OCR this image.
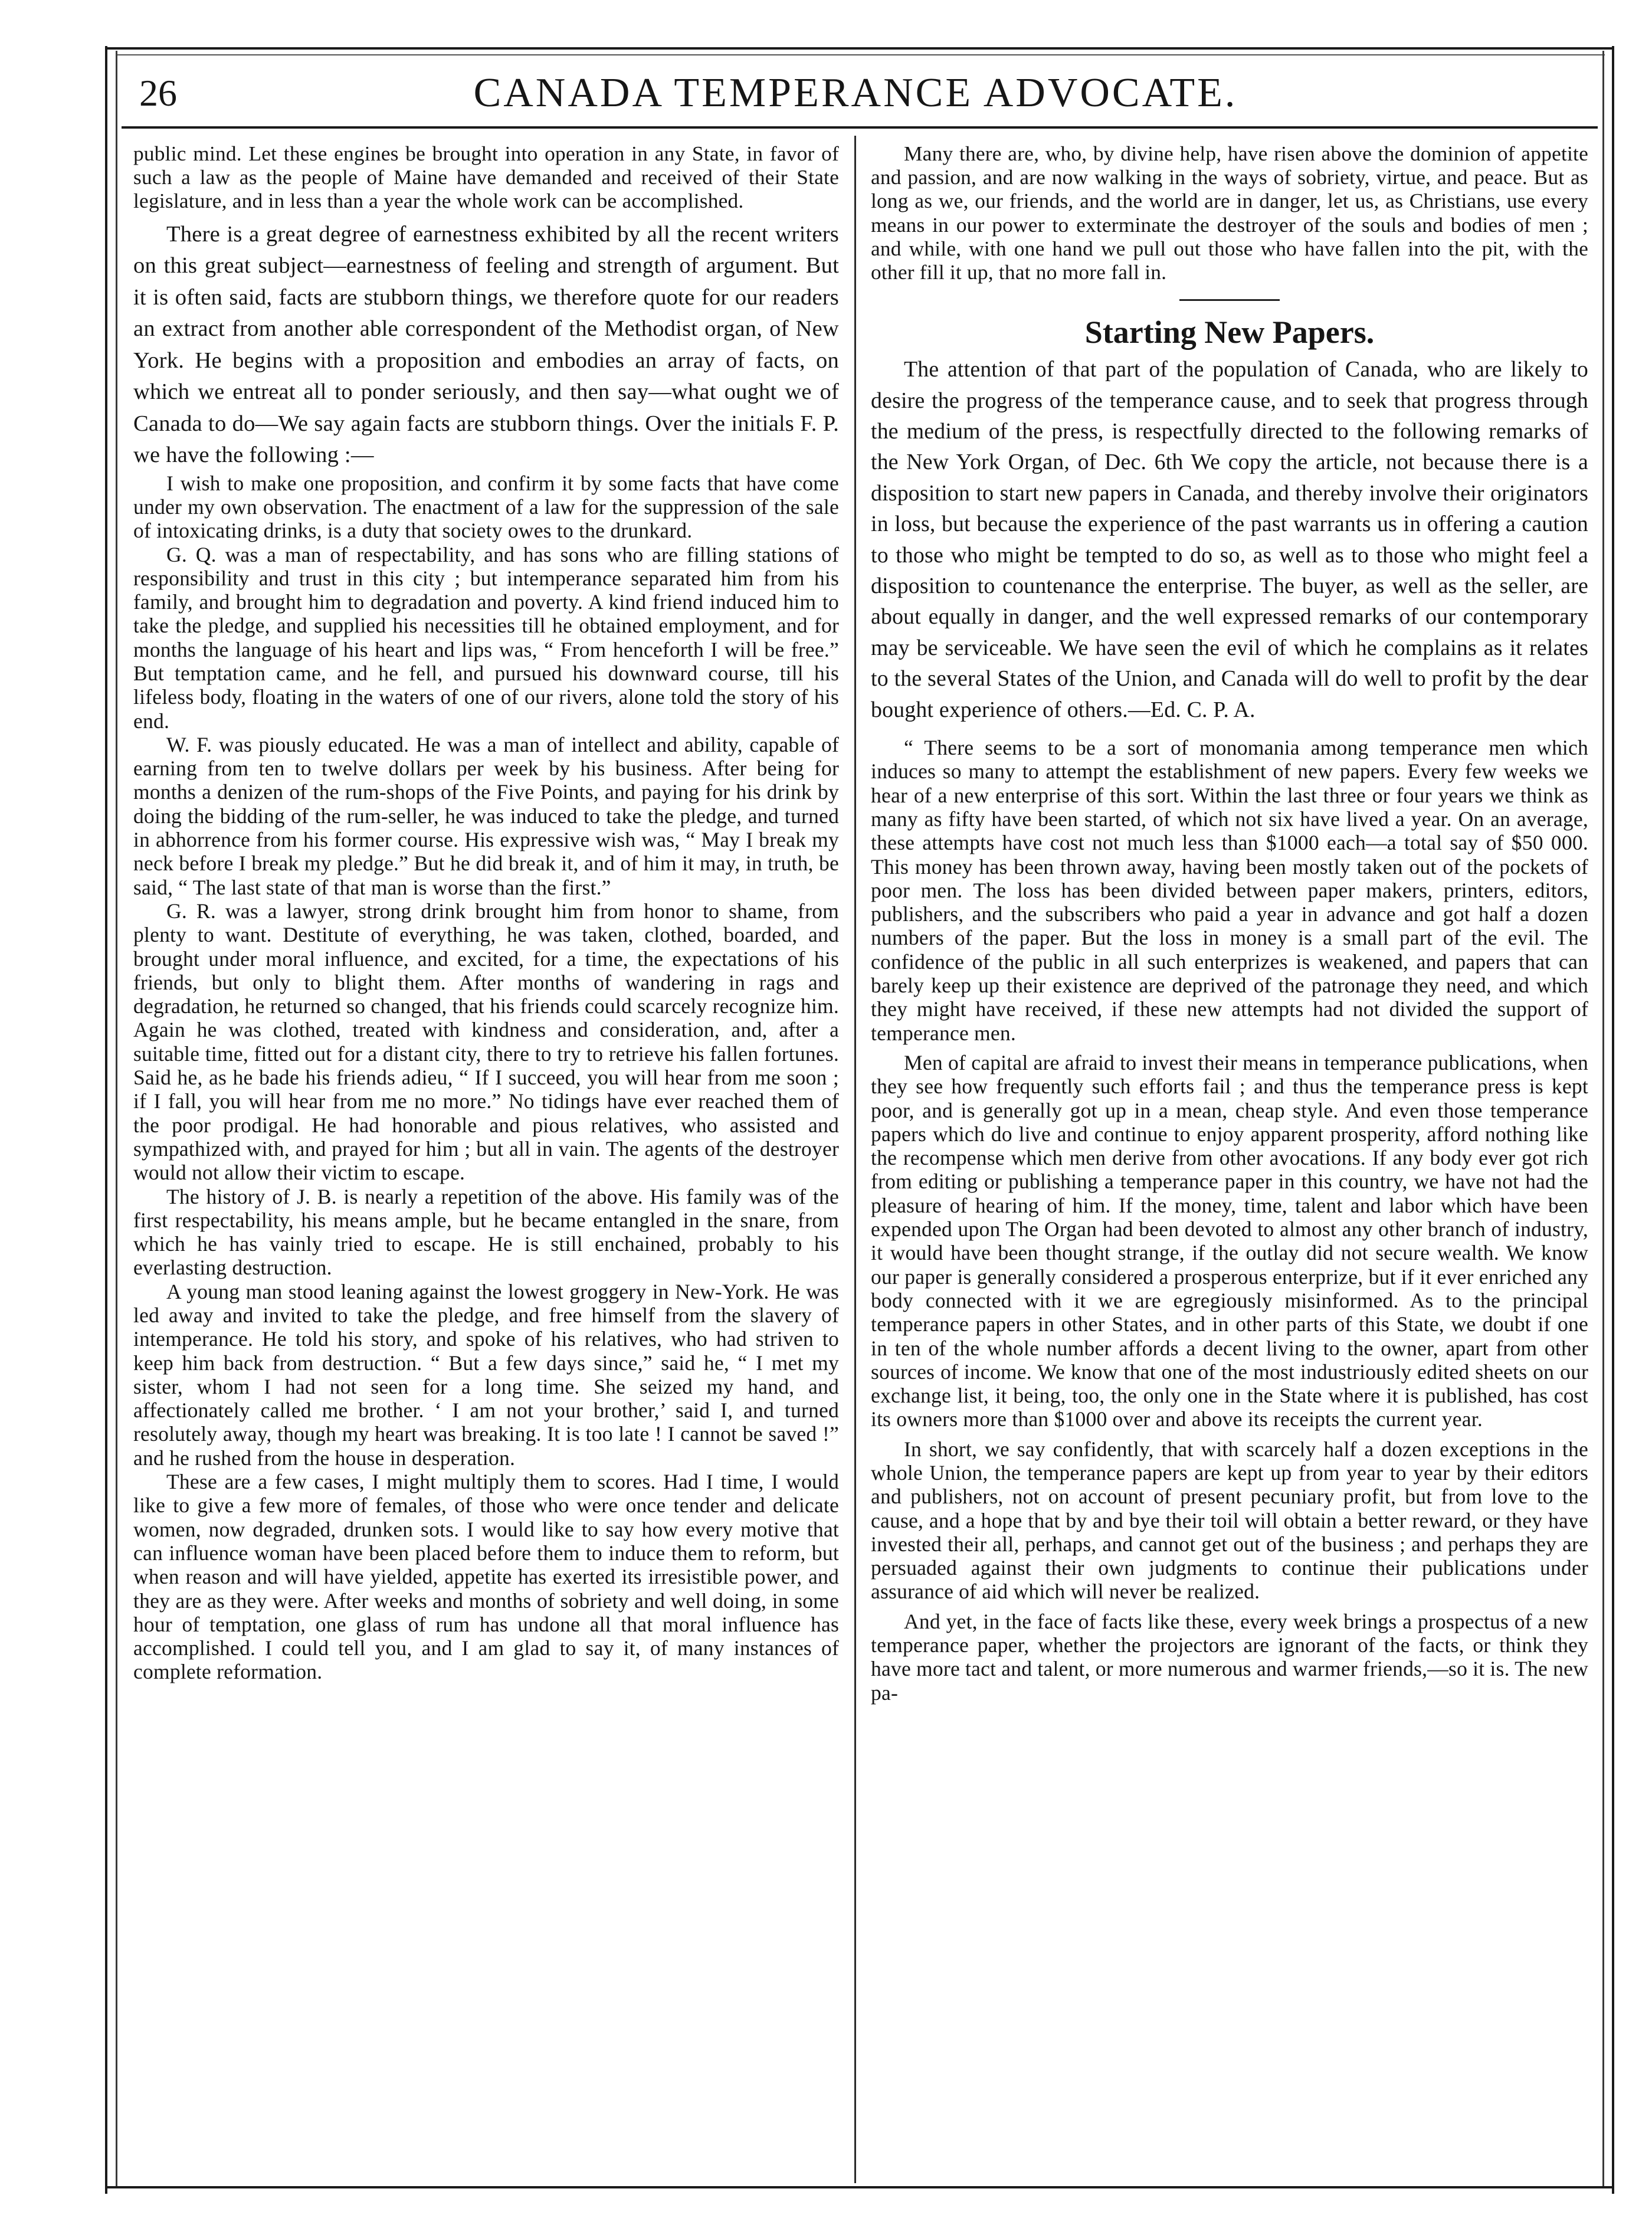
26	CANADA TEMPERANCE ADVOCATE.

public mind. Let these engines be brought into operation in any State, in favor of such a law as the people of Maine have demanded and received of their State legislature, and in less than a year the whole work can be accomplished.

There is a great degree of earnestness exhibited by all the recent writers on this great subject—earnestness of feeling and strength of argument. But it is often said, facts are stubborn things, we therefore quote for our readers an extract from another able correspondent of the Methodist organ, of New York. He begins with a proposition and embodies an array of facts, on which we entreat all to ponder seriously, and then say—what ought we of Canada to do—We say again facts are stubborn things. Over the initials F. P. we have the following :—

I wish to make one proposition, and confirm it by some facts that have come under my own observation. The enactment of a law for the suppression of the sale of intoxicating drinks, is a duty that society owes to the drunkard.

G. Q. was a man of respectability, and has sons who are filling stations of responsibility and trust in this city ; but intemperance separated him from his family, and brought him to degradation and poverty. A kind friend induced him to take the pledge, and supplied his necessities till he obtained employment, and for months the language of his heart and lips was, “ From henceforth I will be free.” But temptation came, and he fell, and pursued his downward course, till his lifeless body, floating in the waters of one of our rivers, alone told the story of his end.

W. F. was piously educated. He was a man of intellect and ability, capable of earning from ten to twelve dollars per week by his business. After being for months a denizen of the rum-shops of the Five Points, and paying for his drink by doing the bidding of the rum-seller, he was induced to take the pledge, and turned in abhorrence from his former course. His expressive wish was, “ May I break my neck before I break my pledge.” But he did break it, and of him it may, in truth, be said, “ The last state of that man is worse than the first.”

G. R. was a lawyer, strong drink brought him from honor to shame, from plenty to want. Destitute of everything, he was taken, clothed, boarded, and brought under moral influence, and excited, for a time, the expectations of his friends, but only to blight them. After months of wandering in rags and degradation, he returned so changed, that his friends could scarcely recognize him. Again he was clothed, treated with kindness and consideration, and, after a suitable time, fitted out for a distant city, there to try to retrieve his fallen fortunes. Said he, as he bade his friends adieu, “ If I succeed, you will hear from me soon ; if I fall, you will hear from me no more.” No tidings have ever reached them of the poor prodigal. He had honorable and pious relatives, who assisted and sympathized with, and prayed for him ; but all in vain. The agents of the destroyer would not allow their victim to escape.

The history of J. B. is nearly a repetition of the above. His family was of the first respectability, his means ample, but he became entangled in the snare, from which he has vainly tried to escape. He is still enchained, probably to his everlasting destruction.

A young man stood leaning against the lowest groggery in New-York. He was led away and invited to take the pledge, and free himself from the slavery of intemperance. He told his story, and spoke of his relatives, who had striven to keep him back from destruction. “ But a few days since,” said he, “ I met my sister, whom I had not seen for a long time. She seized my hand, and affectionately called me brother. ‘ I am not your brother,’ said I, and turned resolutely away, though my heart was breaking. It is too late ! I cannot be saved !” and he rushed from the house in desperation.

These are a few cases, I might multiply them to scores. Had I time, I would like to give a few more of females, of those who were once tender and delicate women, now degraded, drunken sots. I would like to say how every motive that can influence woman have been placed before them to induce them to reform, but when reason and will have yielded, appetite has exerted its irresistible power, and they are as they were. After weeks and months of sobriety and well doing, in some hour of temptation, one glass of rum has undone all that moral influence has accomplished. I could tell you, and I am glad to say it, of many instances of complete reformation.

Many there are, who, by divine help, have risen above the dominion of appetite and passion, and are now walking in the ways of sobriety, virtue, and peace. But as long as we, our friends, and the world are in danger, let us, as Christians, use every means in our power to exterminate the destroyer of the souls and bodies of men ; and while, with one hand we pull out those who have fallen into the pit, with the other fill it up, that no more fall in.

Starting New Papers.

The attention of that part of the population of Canada, who are likely to desire the progress of the temperance cause, and to seek that progress through the medium of the press, is respectfully directed to the following remarks of the New York Organ, of Dec. 6th We copy the article, not because there is a disposition to start new papers in Canada, and thereby involve their originators in loss, but because the experience of the past warrants us in offering a caution to those who might be tempted to do so, as well as to those who might feel a disposition to countenance the enterprise. The buyer, as well as the seller, are about equally in danger, and the well expressed remarks of our contemporary may be serviceable. We have seen the evil of which he complains as it relates to the several States of the Union, and Canada will do well to profit by the dear bought experience of others.—Ed. C. P. A.

“ There seems to be a sort of monomania among temperance men which induces so many to attempt the establishment of new papers. Every few weeks we hear of a new enterprise of this sort. Within the last three or four years we think as many as fifty have been started, of which not six have lived a year. On an average, these attempts have cost not much less than $1000 each—a total say of $50 000. This money has been thrown away, having been mostly taken out of the pockets of poor men. The loss has been divided between paper makers, printers, editors, publishers, and the subscribers who paid a year in advance and got half a dozen numbers of the paper. But the loss in money is a small part of the evil. The confidence of the public in all such enterprizes is weakened, and papers that can barely keep up their existence are deprived of the patronage they need, and which they might have received, if these new attempts had not divided the support of temperance men.

Men of capital are afraid to invest their means in temperance publications, when they see how frequently such efforts fail ; and thus the temperance press is kept poor, and is generally got up in a mean, cheap style. And even those temperance papers which do live and continue to enjoy apparent prosperity, afford nothing like the recompense which men derive from other avocations. If any body ever got rich from editing or publishing a temperance paper in this country, we have not had the pleasure of hearing of him. If the money, time, talent and labor which have been expended upon The Organ had been devoted to almost any other branch of industry, it would have been thought strange, if the outlay did not secure wealth. We know our paper is generally considered a prosperous enterprize, but if it ever enriched any body connected with it we are egregiously misinformed. As to the principal temperance papers in other States, and in other parts of this State, we doubt if one in ten of the whole number affords a decent living to the owner, apart from other sources of income. We know that one of the most industriously edited sheets on our exchange list, it being, too, the only one in the State where it is published, has cost its owners more than $1000 over and above its receipts the current year.

In short, we say confidently, that with scarcely half a dozen exceptions in the whole Union, the temperance papers are kept up from year to year by their editors and publishers, not on account of present pecuniary profit, but from love to the cause, and a hope that by and bye their toil will obtain a better reward, or they have invested their all, perhaps, and cannot get out of the business ; and perhaps they are persuaded against their own judgments to continue their publications under assurance of aid which will never be realized.

And yet, in the face of facts like these, every week brings a prospectus of a new temperance paper, whether the projectors are ignorant of the facts, or think they have more tact and talent, or more numerous and warmer friends,—so it is. The new pa-
